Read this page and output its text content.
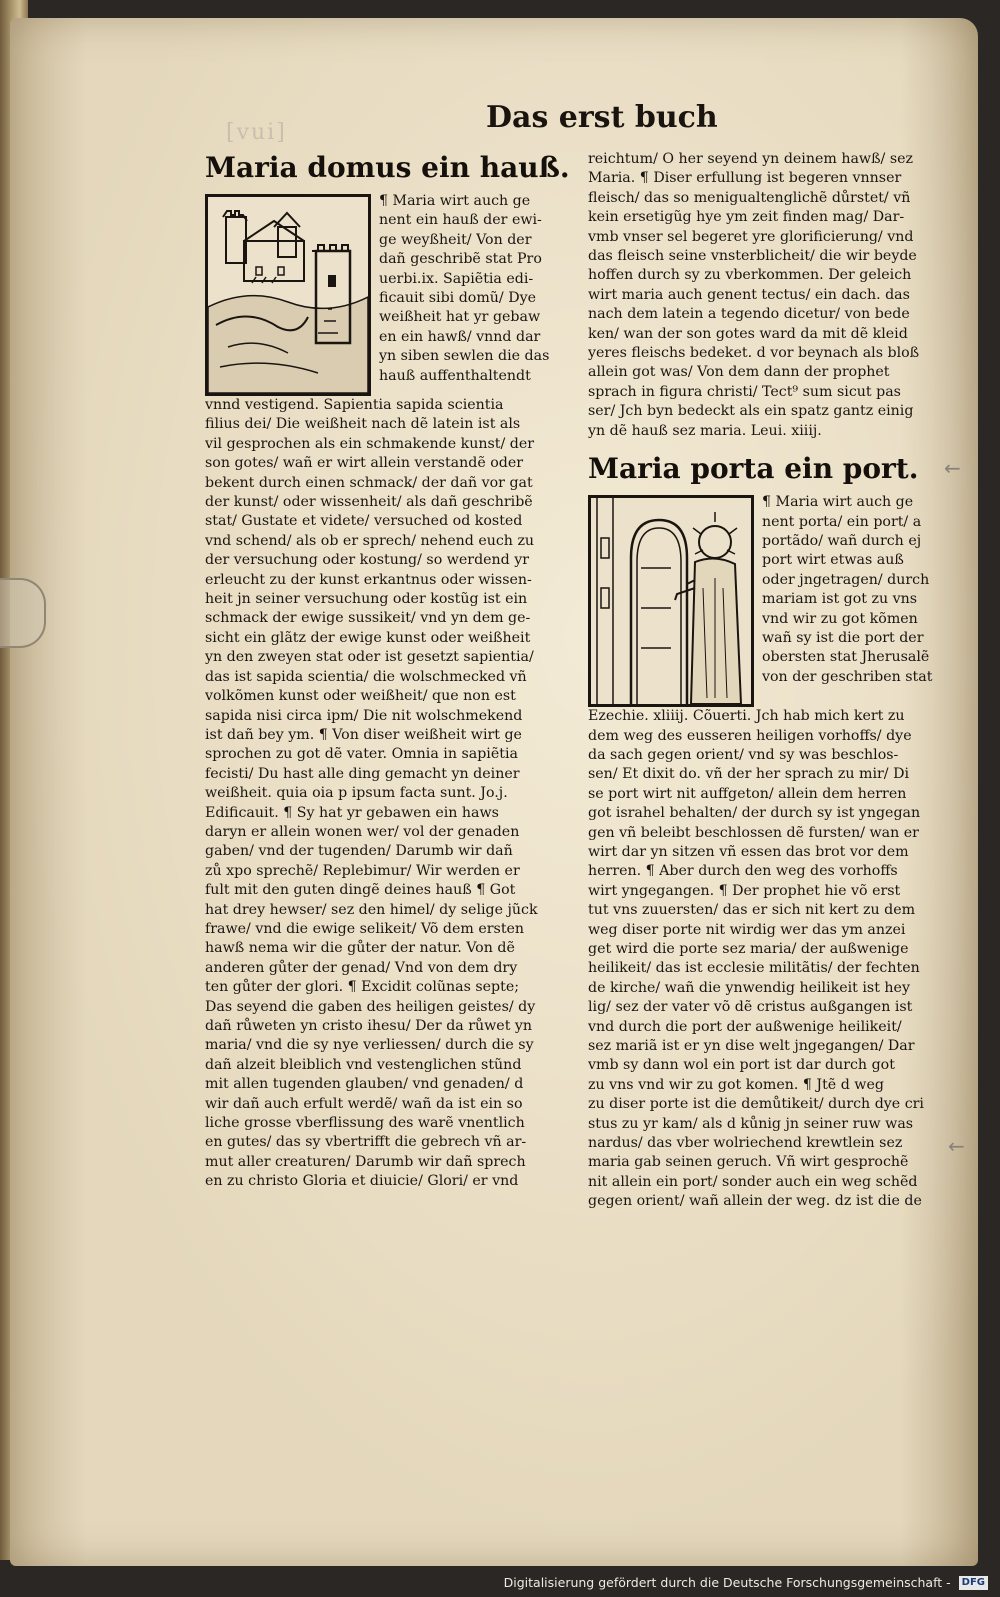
[vui]	Das erst buch
Maria domus ein hauß.
¶ Maria wirt auch ge
nent ein hauß der ewi-
ge weyßheit/ Von der
dañ geschribẽ stat Pro
uerbi.ix. Sapiẽtia edi-
ficauit sibi domũ/ Dye
weißheit hat yr gebaw
en ein hawß/ vnnd dar
yn siben sewlen die das
hauß auffenthaltendt
vnnd vestigend. Sapientia sapida scientia
filius dei/ Die weißheit nach dẽ latein ist als
vil gesprochen als ein schmakende kunst/ der
son gotes/ wañ er wirt allein verstandẽ oder
bekent durch einen schmack/ der dañ vor gat
der kunst/ oder wissenheit/ als dañ geschribẽ
stat/ Gustate et videte/ versuched od kosted
vnd schend/ als ob er sprech/ nehend euch zu
der versuchung oder kostung/ so werdend yr
erleucht zu der kunst erkantnus oder wissen-
heit jn seiner versuchung oder kostũg ist ein
schmack der ewige sussikeit/ vnd yn dem ge-
sicht ein glãtz der ewige kunst oder weißheit
yn den zweyen stat oder ist gesetzt sapientia/
das ist sapida scientia/ die wolschmecked vñ
volkõmen kunst oder weißheit/ que non est
sapida nisi circa ipm/ Die nit wolschmekend
ist dañ bey ym. ¶ Von diser weißheit wirt ge
sprochen zu got dẽ vater. Omnia in sapiẽtia
fecisti/ Du hast alle ding gemacht yn deiner
weißheit. quia oia p ipsum facta sunt. Jo.j.
Edificauit. ¶ Sy hat yr gebawen ein haws
daryn er allein wonen wer/ vol der genaden
gaben/ vnd der tugenden/ Darumb wir dañ
zů xpo sprechẽ/ Replebimur/ Wir werden er
fult mit den guten dingẽ deines hauß ¶ Got
hat drey hewser/ sez den himel/ dy selige jũck
frawe/ vnd die ewige selikeit/ Võ dem ersten
hawß nema wir die gůter der natur. Von dẽ
anderen gůter der genad/ Vnd von dem dry
ten gůter der glori. ¶ Excidit colũnas septe;
Das seyend die gaben des heiligen geistes/ dy
dañ růweten yn cristo ihesu/ Der da růwet yn
maria/ vnd die sy nye verliessen/ durch die sy
dañ alzeit bleiblich vnd vestenglichen stũnd
mit allen tugenden glauben/ vnd genaden/ d
wir dañ auch erfult werdẽ/ wañ da ist ein so
liche grosse vberflissung des warẽ vnentlich
en gutes/ das sy vbertrifft die gebrech vñ ar-
mut aller creaturen/ Darumb wir dañ sprech
en zu christo Gloria et diuicie/ Glori/ er vnd
reichtum/ O her seyend yn deinem hawß/ sez
Maria. ¶ Diser erfullung ist begeren vnnser
fleisch/ das so menigualtenglichẽ důrstet/ vñ
kein ersetigũg hye ym zeit finden mag/ Dar-
vmb vnser sel begeret yre glorificierung/ vnd
das fleisch seine vnsterblicheit/ die wir beyde
hoffen durch sy zu vberkommen. Der geleich
wirt maria auch genent tectus/ ein dach. das
nach dem latein a tegendo dicetur/ von bede
ken/ wan der son gotes ward da mit dẽ kleid
yeres fleischs bedeket. d vor beynach als bloß
allein got was/ Von dem dann der prophet
sprach in figura christi/ Tect⁹ sum sicut pas
ser/ Jch byn bedeckt als ein spatz gantz einig
yn dẽ hauß sez maria. Leui. xiiij.
Maria porta ein port.
¶ Maria wirt auch ge
nent porta/ ein port/ a
portãdo/ wañ durch ej
port wirt etwas auß
oder jngetragen/ durch
mariam ist got zu vns
vnd wir zu got kõmen
wañ sy ist die port der
obersten stat Jherusalẽ
von der geschriben stat
Ezechie. xliiij. Cõuerti. Jch hab mich kert zu
dem weg des eusseren heiligen vorhoffs/ dye
da sach gegen orient/ vnd sy was beschlos-
sen/ Et dixit do. vñ der her sprach zu mir/ Di
se port wirt nit auffgeton/ allein dem herren
got israhel behalten/ der durch sy ist yngegan
gen vñ beleibt beschlossen dẽ fursten/ wan er
wirt dar yn sitzen vñ essen das brot vor dem
herren. ¶ Aber durch den weg des vorhoffs
wirt yngegangen. ¶ Der prophet hie võ erst
tut vns zuuersten/ das er sich nit kert zu dem
weg diser porte nit wirdig wer das ym anzei
get wird die porte sez maria/ der außwenige
heilikeit/ das ist ecclesie militãtis/ der fechten
de kirche/ wañ die ynwendig heilikeit ist hey
lig/ sez der vater võ dẽ cristus außgangen ist
vnd durch die port der außwenige heilikeit/
sez mariã ist er yn dise welt jngegangen/ Dar
vmb sy dann wol ein port ist dar durch got
zu vns vnd wir zu got komen. ¶ Jtẽ d weg
zu diser porte ist die demůtikeit/ durch dye cri
stus zu yr kam/ als d kůnig jn seiner ruw was
nardus/ das vber wolriechend krewtlein sez
maria gab seinen geruch. Vñ wirt gesprochẽ
nit allein ein port/ sonder auch ein weg schẽd
gegen orient/ wañ allein der weg. dz ist die de
←
←
Digitalisierung gefördert durch die Deutsche Forschungsgemeinschaft - DFG
